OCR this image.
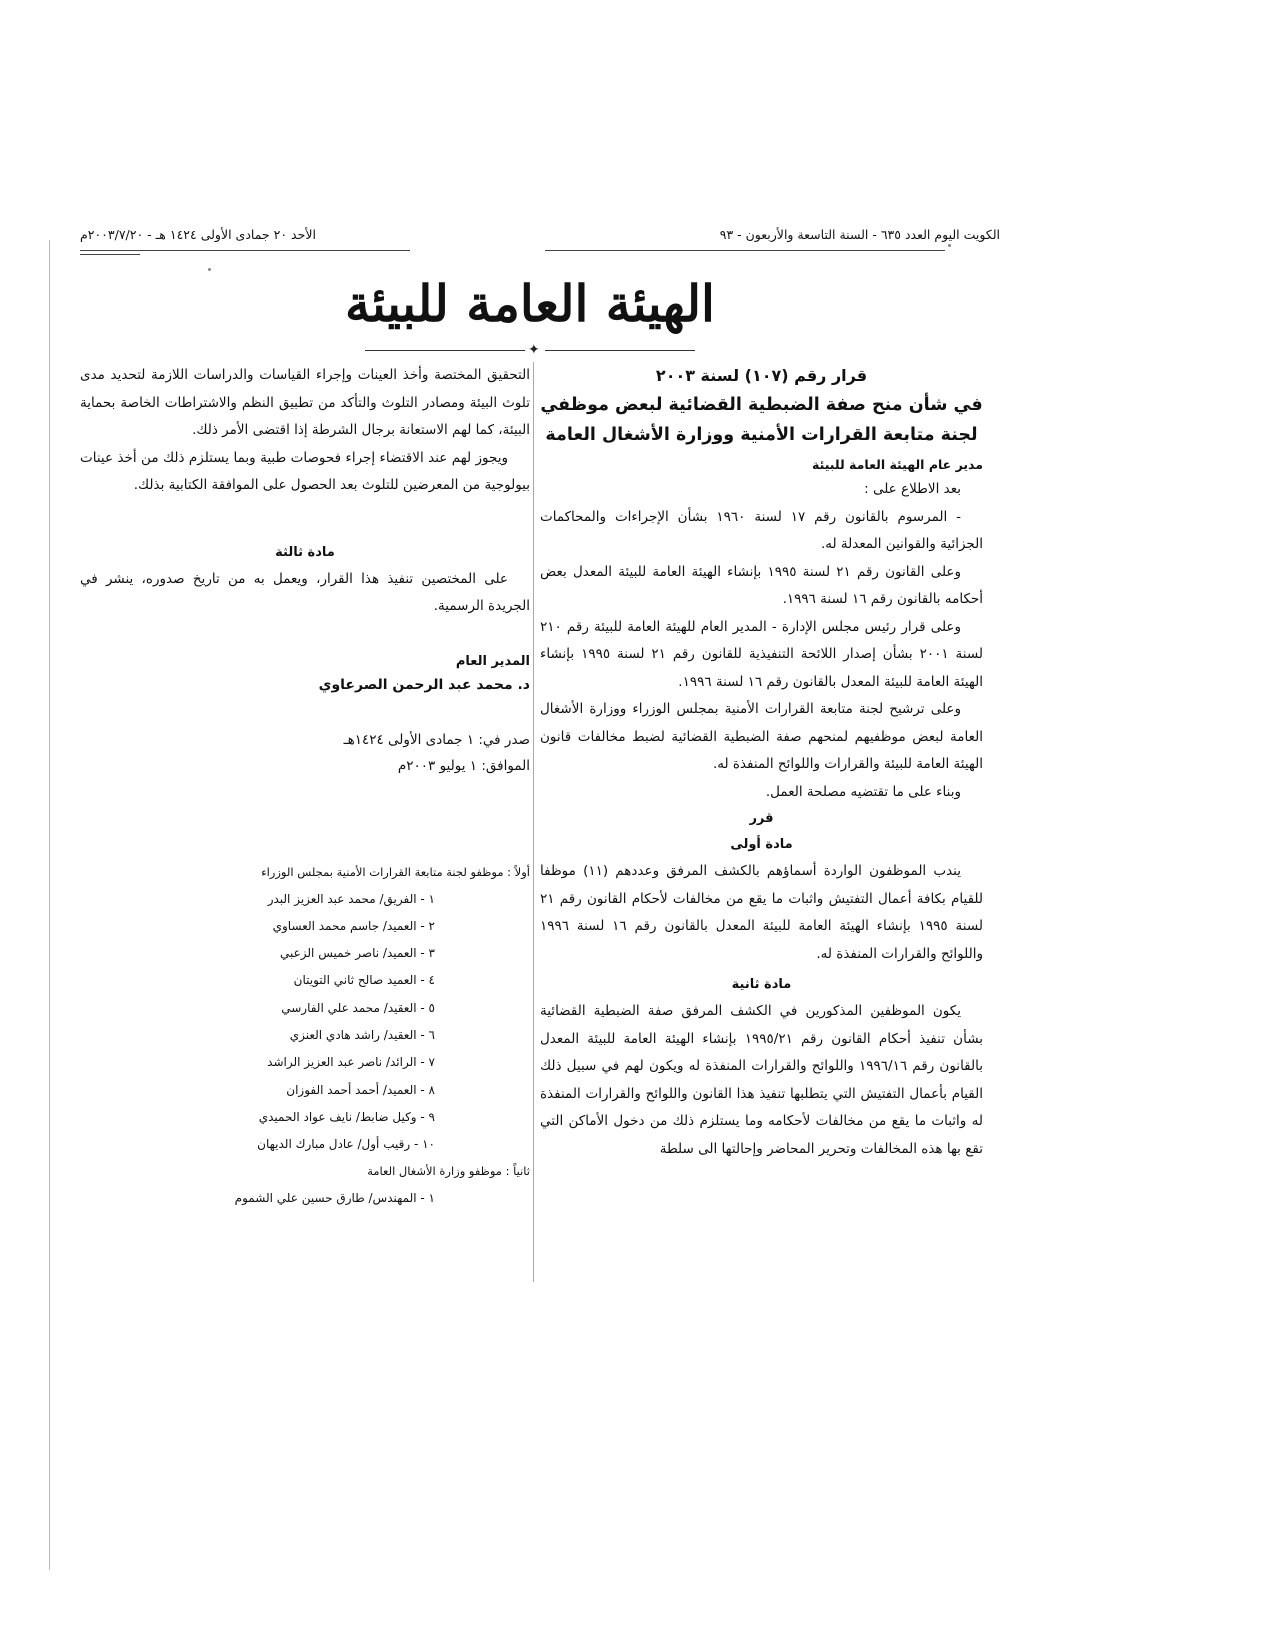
الكويت اليوم العدد ٦٣٥ - السنة التاسعة والأربعون - ٩٣
الأحد ٢٠ جمادى الأولى ١٤٢٤ هـ - ٢٠٠٣/٧/٢٠م
الهيئة العامة للبيئة
✦

قرار رقم (١٠٧) لسنة ٢٠٠٣

في شأن منح صفة الضبطية القضائية لبعض موظفي لجنة متابعة القرارات الأمنية ووزارة الأشغال العامة

مدير عام الهيئة العامة للبيئة

بعد الاطلاع على :

- المرسوم بالقانون رقم ١٧ لسنة ١٩٦٠ بشأن الإجراءات والمحاكمات الجزائية والقوانين المعدلة له.

وعلى القانون رقم ٢١ لسنة ١٩٩٥ بإنشاء الهيئة العامة للبيئة المعدل بعض أحكامه بالقانون رقم ١٦ لسنة ١٩٩٦.

وعلى قرار رئيس مجلس الإدارة - المدير العام للهيئة العامة للبيئة رقم ٢١٠ لسنة ٢٠٠١ بشأن إصدار اللائحة التنفيذية للقانون رقم ٢١ لسنة ١٩٩٥ بإنشاء الهيئة العامة للبيئة المعدل بالقانون رقم ١٦ لسنة ١٩٩٦.

وعلى ترشيح لجنة متابعة القرارات الأمنية بمجلس الوزراء ووزارة الأشغال العامة لبعض موظفيهم لمنحهم صفة الضبطية القضائية لضبط مخالفات قانون الهيئة العامة للبيئة والقرارات واللوائح المنفذة له.

وبناء على ما تقتضيه مصلحة العمل.

قرر

مادة أولى

يندب الموظفون الواردة أسماؤهم بالكشف المرفق وعددهم (١١) موظفا للقيام بكافة أعمال التفتيش واثبات ما يقع من مخالفات لأحكام القانون رقم ٢١ لسنة ١٩٩٥ بإنشاء الهيئة العامة للبيئة المعدل بالقانون رقم ١٦ لسنة ١٩٩٦ واللوائح والقرارات المنفذة له.

مادة ثانية

يكون الموظفين المذكورين في الكشف المرفق صفة الضبطية القضائية بشأن تنفيذ أحكام القانون رقم ١٩٩٥/٢١ بإنشاء الهيئة العامة للبيئة المعدل بالقانون رقم ١٩٩٦/١٦ واللوائح والقرارات المنفذة له ويكون لهم في سبيل ذلك القيام بأعمال التفتيش التي يتطلبها تنفيذ هذا القانون واللوائح والقرارات المنفذة له واثبات ما يقع من مخالفات لأحكامه وما يستلزم ذلك من دخول الأماكن التي تقع بها هذه المخالفات وتحرير المحاضر وإحالتها الى سلطة

التحقيق المختصة وأخذ العينات وإجراء القياسات والدراسات اللازمة لتحديد مدى تلوث البيئة ومصادر التلوث والتأكد من تطبيق النظم والاشتراطات الخاصة بحماية البيئة، كما لهم الاستعانة برجال الشرطة إذا اقتضى الأمر ذلك.

ويجوز لهم عند الاقتضاء إجراء فحوصات طبية وبما يستلزم ذلك من أخذ عينات بيولوجية من المعرضين للتلوث بعد الحصول على الموافقة الكتابية بذلك.

مادة ثالثة

على المختصين تنفيذ هذا القرار، ويعمل به من تاريخ صدوره، ينشر في الجريدة الرسمية.

المدير العام
د. محمد عبد الرحمن الصرعاوي
صدر في: ١ جمادى الأولى ١٤٢٤هـ
الموافق: ١ يوليو ٢٠٠٣م

أولاً : موظفو لجنة متابعة القرارات الأمنية بمجلس الوزراء

١ - الفريق/ محمد عبد العزيز البدر
٢ - العميد/ جاسم محمد العساوي
٣ - العميد/ ناصر خميس الزعبي
٤ - العميد صالح ثاني التويتان
٥ - العقيد/ محمد علي الفارسي
٦ - العقيد/ راشد هادي العنزي
٧ - الرائد/ ناصر عبد العزيز الراشد
٨ - العميد/ أحمد أحمد الفوزان
٩ - وكيل ضابط/ نايف عواد الحميدي
١٠ - رقيب أول/ عادل مبارك الديهان

ثانياً : موظفو وزارة الأشغال العامة

١ - المهندس/ طارق حسين علي الشموم
